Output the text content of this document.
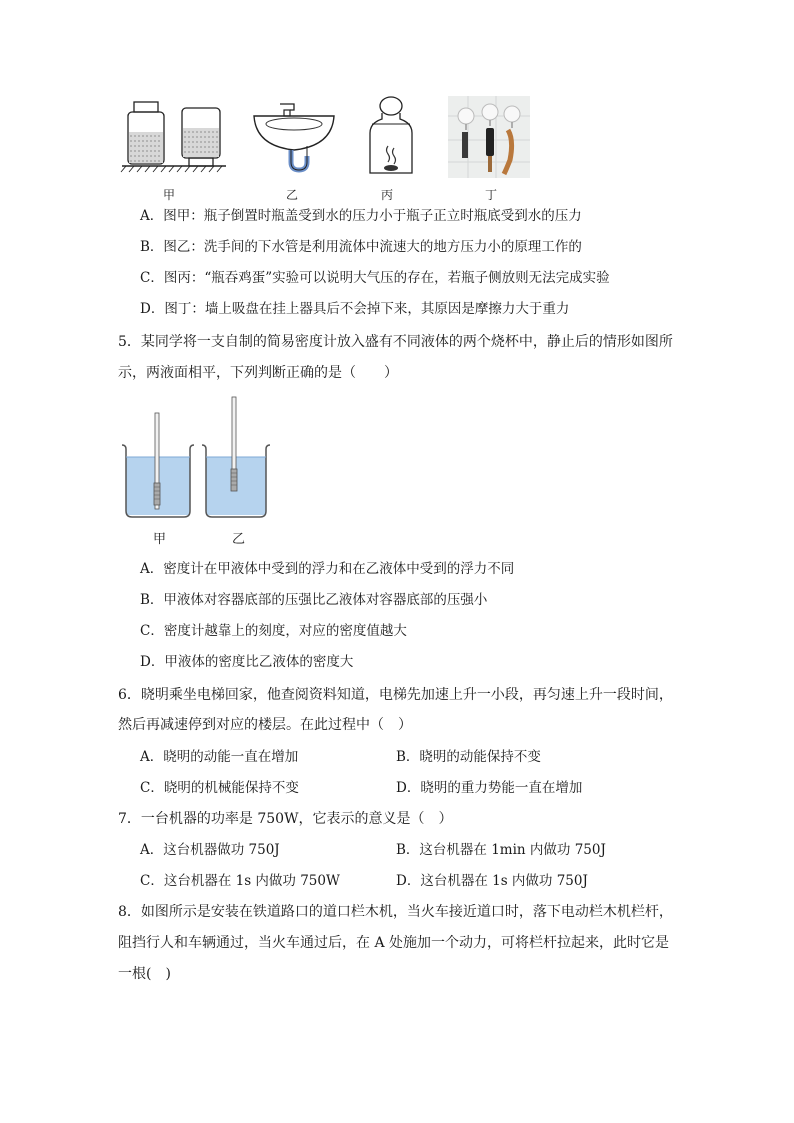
甲	乙	丙	丁
A．图甲：瓶子倒置时瓶盖受到水的压力小于瓶子正立时瓶底受到水的压力
B．图乙：洗手间的下水管是利用流体中流速大的地方压力小的原理工作的
C．图丙：“瓶吞鸡蛋”实验可以说明大气压的存在，若瓶子侧放则无法完成实验
D．图丁：墙上吸盘在挂上器具后不会掉下来，其原因是摩擦力大于重力
5．某同学将一支自制的简易密度计放入盛有不同液体的两个烧杯中，静止后的情形如图所
示，两液面相平，下列判断正确的是（　　）
甲	乙
A．密度计在甲液体中受到的浮力和在乙液体中受到的浮力不同
B．甲液体对容器底部的压强比乙液体对容器底部的压强小
C．密度计越靠上的刻度，对应的密度值越大
D．甲液体的密度比乙液体的密度大
6．晓明乘坐电梯回家，他查阅资料知道，电梯先加速上升一小段，再匀速上升一段时间，
然后再减速停到对应的楼层。在此过程中（　）
A．晓明的动能一直在增加	B．晓明的动能保持不变
C．晓明的机械能保持不变	D．晓明的重力势能一直在增加
7．一台机器的功率是 750W，它表示的意义是（　）
A．这台机器做功 750J	B．这台机器在 1min 内做功 750J
C．这台机器在 1s 内做功 750W	D．这台机器在 1s 内做功 750J
8．如图所示是安装在铁道路口的道口栏木机，当火车接近道口时，落下电动栏木机栏杆，
阻挡行人和车辆通过，当火车通过后，在 A 处施加一个动力，可将栏杆拉起来，此时它是
一根(　)
